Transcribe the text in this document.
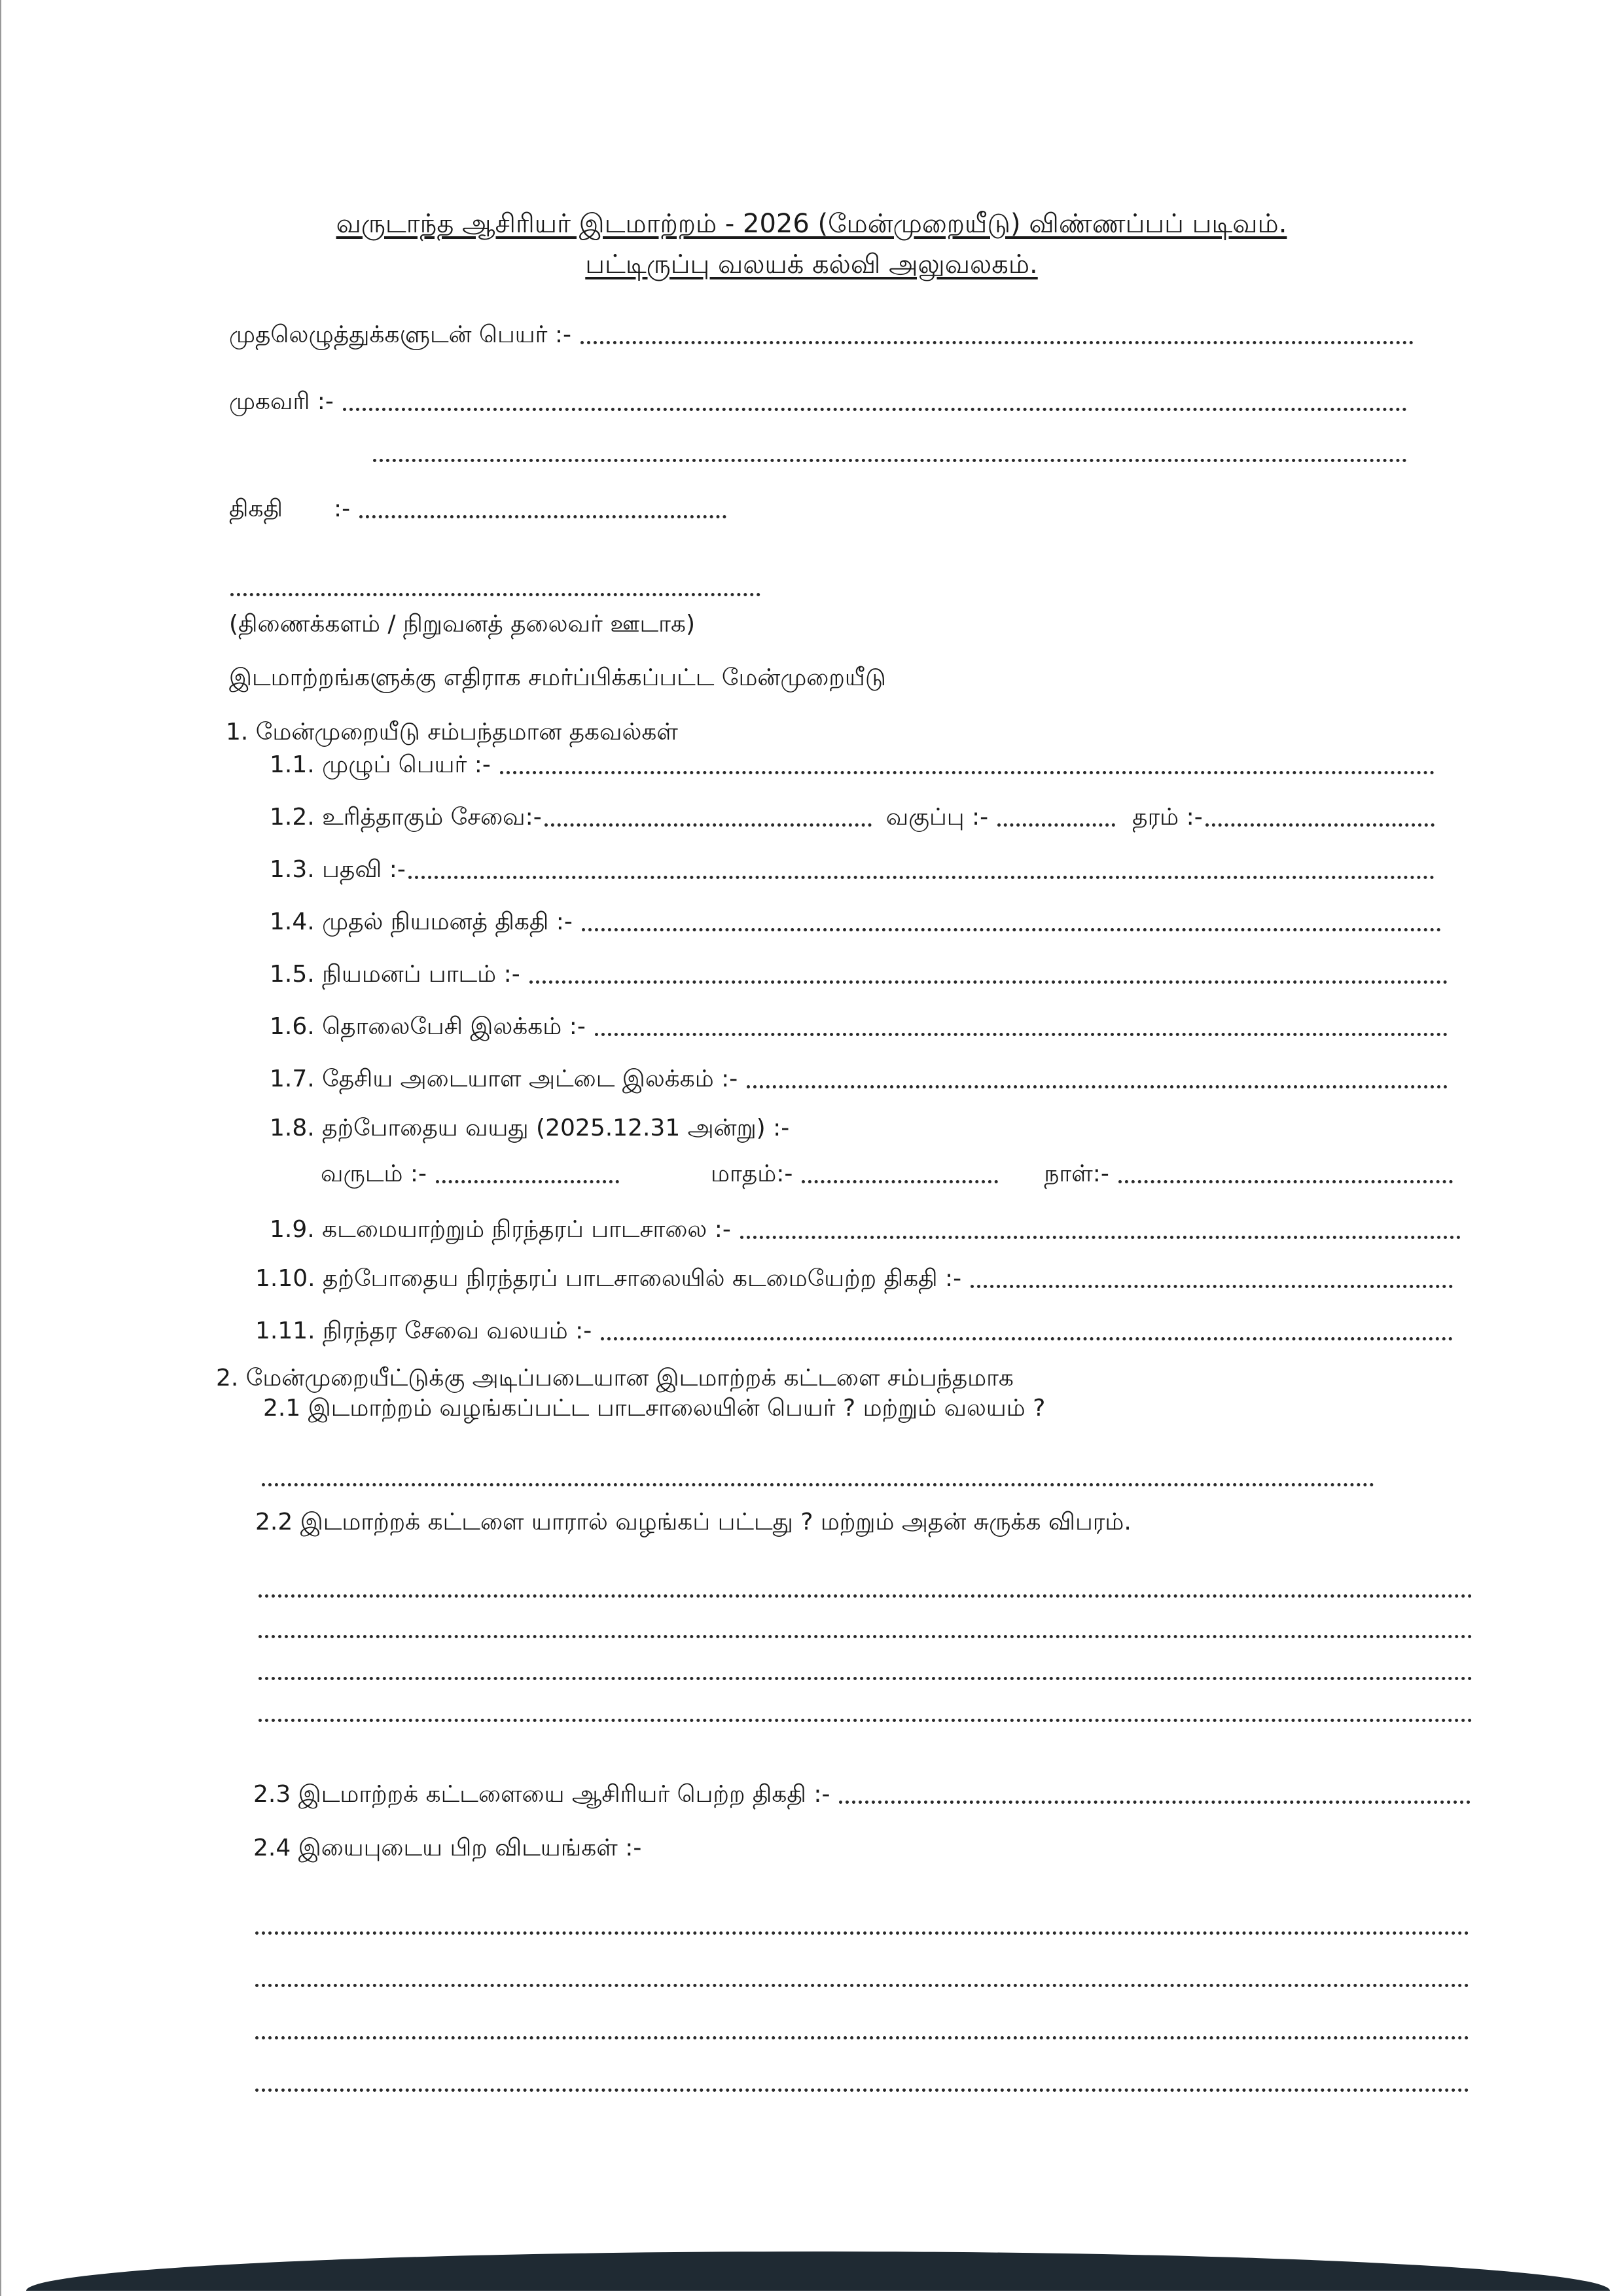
வருடாந்த ஆசிரியர் இடமாற்றம் - 2026 (மேன்முறையீடு) விண்ணப்பப் படிவம்.
பட்டிருப்பு வலயக் கல்வி அலுவலகம்.
முதலெழுத்துக்களுடன் பெயர் :-
முகவரி :-
திகதி	:-
(திணைக்களம் / நிறுவனத் தலைவர் ஊடாக)
இடமாற்றங்களுக்கு எதிராக சமர்ப்பிக்கப்பட்ட மேன்முறையீடு
1. மேன்முறையீடு சம்பந்தமான தகவல்கள்
1.1. முழுப் பெயர் :-
1.2. உரித்தாகும் சேவை:-	வகுப்பு :-	தரம் :-
1.3. பதவி :-
1.4. முதல் நியமனத் திகதி :-
1.5. நியமனப் பாடம் :-
1.6. தொலைபேசி இலக்கம் :-
1.7. தேசிய அடையாள அட்டை இலக்கம் :-
1.8. தற்போதைய வயது (2025.12.31 அன்று) :-
வருடம் :-	மாதம்:-	நாள்:-
1.9. கடமையாற்றும் நிரந்தரப் பாடசாலை :-
1.10. தற்போதைய நிரந்தரப் பாடசாலையில் கடமையேற்ற திகதி :-
1.11. நிரந்தர சேவை வலயம் :-
2. மேன்முறையீட்டுக்கு அடிப்படையான இடமாற்றக் கட்டளை சம்பந்தமாக
2.1 இடமாற்றம் வழங்கப்பட்ட பாடசாலையின் பெயர் ? மற்றும் வலயம் ?
2.2 இடமாற்றக் கட்டளை யாரால் வழங்கப் பட்டது ? மற்றும் அதன் சுருக்க விபரம்.
2.3 இடமாற்றக் கட்டளையை ஆசிரியர் பெற்ற திகதி :-
2.4 இயைபுடைய பிற விடயங்கள் :-
